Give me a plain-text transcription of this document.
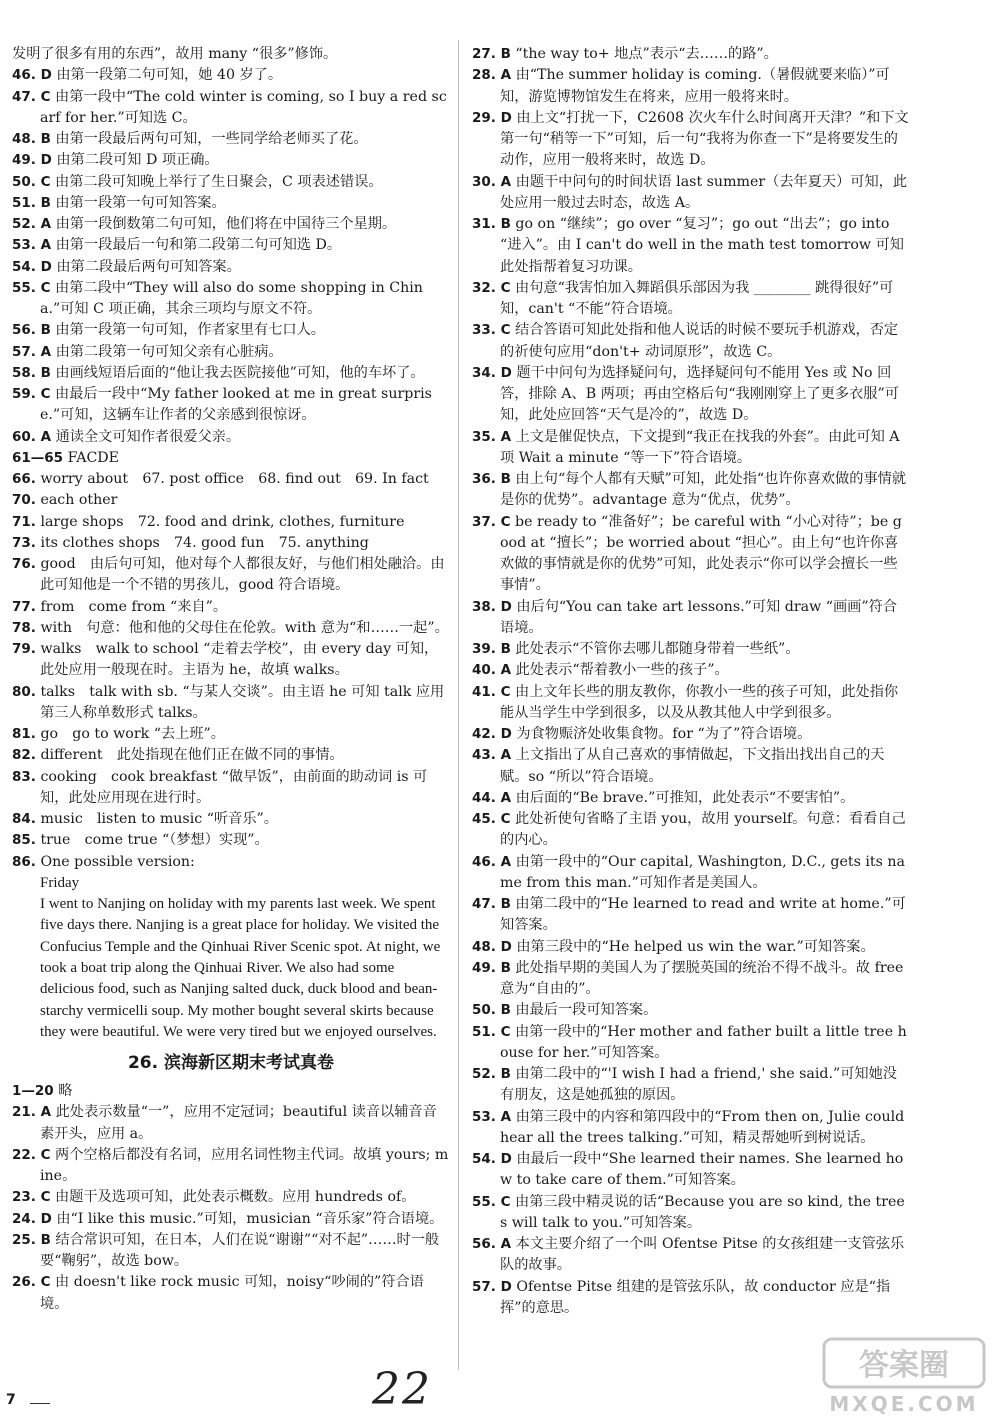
发明了很多有用的东西”，故用 many “很多”修饰。

46. D 由第一段第二句可知，她 40 岁了。

47. C 由第一段中“The cold winter is coming, so I buy a red scarf for her.”可知选 C。

48. B 由第一段最后两句可知，一些同学给老师买了花。

49. D 由第二段可知 D 项正确。

50. C 由第二段可知晚上举行了生日聚会，C 项表述错误。

51. B 由第一段第一句可知答案。

52. A 由第一段倒数第二句可知，他们将在中国待三个星期。

53. A 由第一段最后一句和第二段第二句可知选 D。

54. D 由第二段最后两句可知答案。

55. C 由第二段中“They will also do some shopping in China.”可知 C 项正确，其余三项均与原文不符。

56. B 由第一段第一句可知，作者家里有七口人。

57. A 由第二段第一句可知父亲有心脏病。

58. B 由画线短语后面的“他让我去医院接他”可知，他的车坏了。

59. C 由最后一段中“My father looked at me in great surprise.”可知，这辆车让作者的父亲感到很惊讶。

60. A 通读全文可知作者很爱父亲。

61—65 FACDE

66. worry about　67. post office　68. find out　69. In fact

70. each other

71. large shops　72. food and drink, clothes, furniture

73. its clothes shops　74. good fun　75. anything

76. good　由后句可知，他对每个人都很友好，与他们相处融洽。由此可知他是一个不错的男孩儿，good 符合语境。

77. from　come from “来自”。

78. with　句意：他和他的父母住在伦敦。with 意为“和……一起”。

79. walks　walk to school “走着去学校”，由 every day 可知，此处应用一般现在时。主语为 he，故填 walks。

80. talks　talk with sb. “与某人交谈”。由主语 he 可知 talk 应用第三人称单数形式 talks。

81. go　go to work “去上班”。

82. different　此处指现在他们正在做不同的事情。

83. cooking　cook breakfast “做早饭”，由前面的助动词 is 可知，此处应用现在进行时。

84. music　listen to music “听音乐”。

85. true　come true “（梦想）实现”。

86. One possible version:

Friday

I went to Nanjing on holiday with my parents last week. We spent five days there. Nanjing is a great place for holiday. We visited the Confucius Temple and the Qinhuai River Scenic spot. At night, we took a boat trip along the Qinhuai River. We also had some delicious food, such as Nanjing salted duck, duck blood and bean-starchy vermicelli soup. My mother bought several skirts because they were beautiful. We were very tired but we enjoyed ourselves.

26. 滨海新区期末考试真卷

1—20 略

21. A 此处表示数量“一”，应用不定冠词；beautiful 读音以辅音音素开头，应用 a。

22. C 两个空格后都没有名词，应用名词性物主代词。故填 yours; mine。

23. C 由题干及选项可知，此处表示概数。应用 hundreds of。

24. D 由“I like this music.”可知，musician “音乐家”符合语境。

25. B 结合常识可知，在日本，人们在说“谢谢”“对不起”……时一般要“鞠躬”，故选 bow。

26. C 由 doesn't like rock music 可知，noisy“吵闹的”符合语境。

27. B “the way to+ 地点”表示“去……的路”。

28. A 由“The summer holiday is coming.（暑假就要来临）”可知，游览博物馆发生在将来，应用一般将来时。

29. D 由上文“打扰一下，C2608 次火车什么时间离开天津？”和下文第一句“稍等一下”可知，后一句“我将为你查一下”是将要发生的动作，应用一般将来时，故选 D。

30. A 由题干中问句的时间状语 last summer（去年夏天）可知，此处应用一般过去时态，故选 A。

31. B go on “继续”；go over “复习”；go out “出去”；go into “进入”。由 I can't do well in the math test tomorrow 可知此处指帮着复习功课。

32. C 由句意“我害怕加入舞蹈俱乐部因为我 ________ 跳得很好”可知，can't “不能”符合语境。

33. C 结合答语可知此处指和他人说话的时候不要玩手机游戏，否定的祈使句应用“don't+ 动词原形”，故选 C。

34. D 题干中问句为选择疑问句，选择疑问句不能用 Yes 或 No 回答，排除 A、B 两项；再由空格后句“我刚刚穿上了更多衣服”可知，此处应回答“天气是冷的”，故选 D。

35. A 上文是催促快点，下文提到“我正在找我的外套”。由此可知 A 项 Wait a minute “等一下”符合语境。

36. B 由上句“每个人都有天赋”可知，此处指“也许你喜欢做的事情就是你的优势”。advantage 意为“优点，优势”。

37. C be ready to “准备好”；be careful with “小心对待”；be good at “擅长”；be worried about “担心”。由上句“也许你喜欢做的事情就是你的优势”可知，此处表示“你可以学会擅长一些事情”。

38. D 由后句“You can take art lessons.”可知 draw “画画”符合语境。

39. B 此处表示“不管你去哪儿都随身带着一些纸”。

40. A 此处表示“帮着教小一些的孩子”。

41. C 由上文年长些的朋友教你，你教小一些的孩子可知，此处指你能从当学生中学到很多，以及从教其他人中学到很多。

42. D 为食物赈济处收集食物。for “为了”符合语境。

43. A 上文指出了从自己喜欢的事情做起，下文指出找出自己的天赋。so “所以”符合语境。

44. A 由后面的“Be brave.”可推知，此处表示“不要害怕”。

45. C 此处祈使句省略了主语 you，故用 yourself。句意：看看自己的内心。

46. A 由第一段中的“Our capital, Washington, D.C., gets its name from this man.”可知作者是美国人。

47. B 由第二段中的“He learned to read and write at home.”可知答案。

48. D 由第三段中的“He helped us win the war.”可知答案。

49. B 此处指早期的美国人为了摆脱英国的统治不得不战斗。故 free 意为“自由的”。

50. B 由最后一段可知答案。

51. C 由第一段中的“Her mother and father built a little tree house for her.”可知答案。

52. B 由第二段中的“'I wish I had a friend,' she said.”可知她没有朋友，这是她孤独的原因。

53. A 由第三段中的内容和第四段中的“From then on, Julie could hear all the trees talking.”可知，精灵帮她听到树说话。

54. D 由最后一段中“She learned their names. She learned how to take care of them.”可知答案。

55. C 由第三段中精灵说的话“Because you are so kind, the trees will talk to you.”可知答案。

56. A 本文主要介绍了一个叫 Ofentse Pitse 的女孩组建一支管弦乐队的故事。

57. D Ofentse Pitse 组建的是管弦乐队，故 conductor 应是“指挥”的意思。

7	22	答案圈
MXQE.COM
